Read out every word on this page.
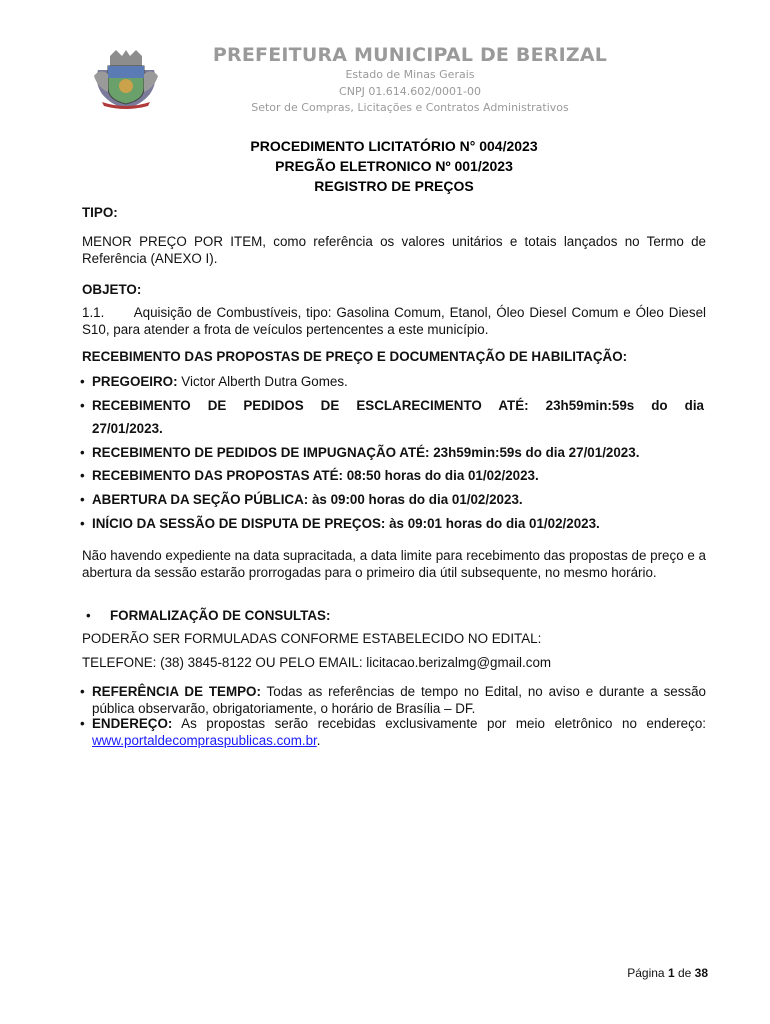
PREFEITURA MUNICIPAL DE BERIZAL
Estado de Minas Gerais
CNPJ 01.614.602/0001-00
Setor de Compras, Licitações e Contratos Administrativos
PROCEDIMENTO LICITATÓRIO N° 004/2023
PREGÃO ELETRONICO Nº 001/2023
REGISTRO DE PREÇOS
TIPO:
MENOR PREÇO POR ITEM, como referência os valores unitários e totais lançados no Termo de Referência (ANEXO I).
OBJETO:
1.1.      Aquisição de Combustíveis, tipo: Gasolina Comum, Etanol, Óleo Diesel Comum e Óleo Diesel S10, para atender a frota de veículos pertencentes a este município.
RECEBIMENTO DAS PROPOSTAS DE PREÇO E DOCUMENTAÇÃO DE HABILITAÇÃO:
• PREGOEIRO: Victor Alberth Dutra Gomes.
• RECEBIMENTO DE PEDIDOS DE ESCLARECIMENTO ATÉ: 23h59min:59s do dia
27/01/2023.
• RECEBIMENTO DE PEDIDOS DE IMPUGNAÇÃO ATÉ: 23h59min:59s do dia 27/01/2023.
• RECEBIMENTO DAS PROPOSTAS ATÉ: 08:50 horas do dia 01/02/2023.
• ABERTURA DA SEÇÃO PÚBLICA: às 09:00 horas do dia 01/02/2023.
• INÍCIO DA SESSÃO DE DISPUTA DE PREÇOS: às 09:01 horas do dia 01/02/2023.
Não havendo expediente na data supracitada, a data limite para recebimento das propostas de preço e a abertura da sessão estarão prorrogadas para o primeiro dia útil subsequente, no mesmo horário.
• FORMALIZAÇÃO DE CONSULTAS:
PODERÃO SER FORMULADAS CONFORME ESTABELECIDO NO EDITAL:
TELEFONE: (38) 3845-8122 OU PELO EMAIL: licitacao.berizalmg@gmail.com
• REFERÊNCIA DE TEMPO: Todas as referências de tempo no Edital, no aviso e durante a sessão pública observarão, obrigatoriamente, o horário de Brasília – DF.
• ENDEREÇO: As propostas serão recebidas exclusivamente por meio eletrônico no endereço: www.portaldecompraspublicas.com.br.
Página 1 de 38
